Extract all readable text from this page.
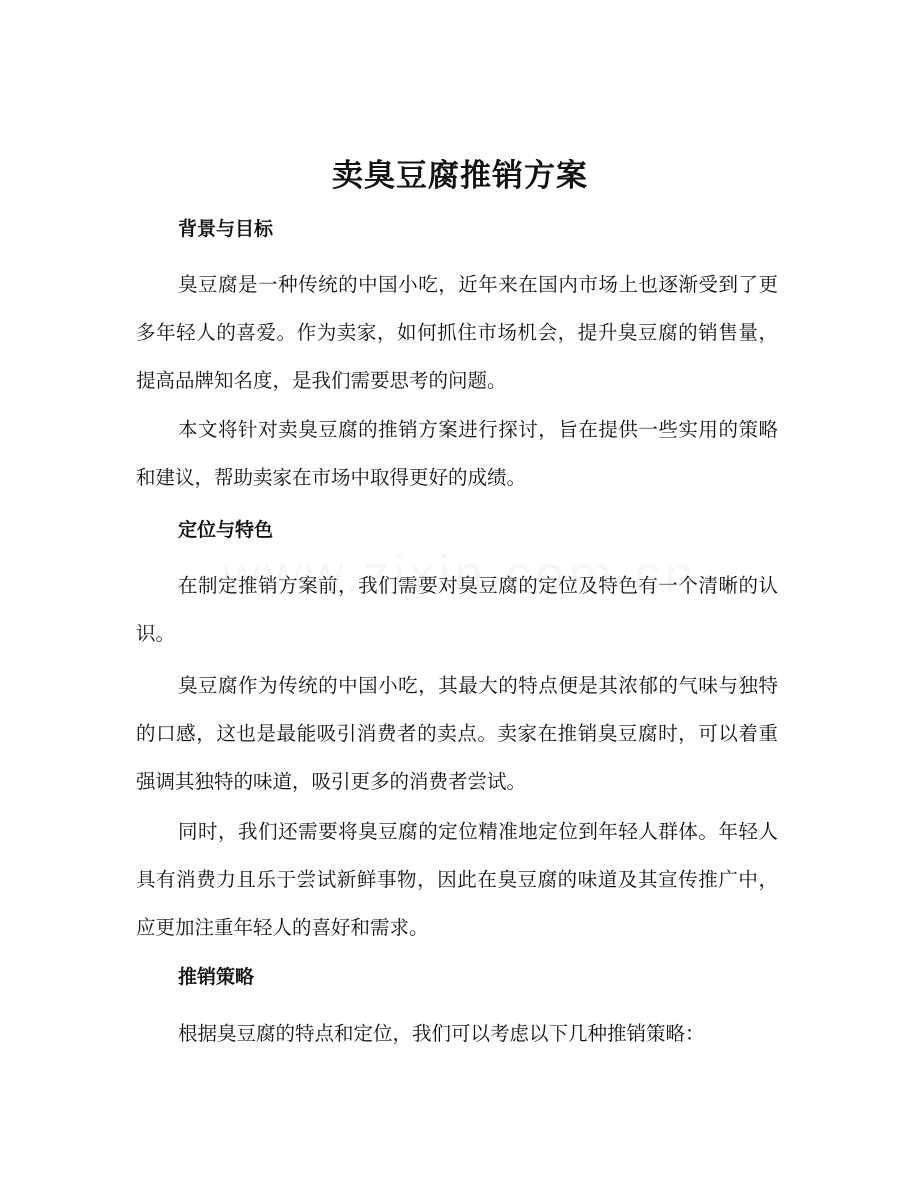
卖臭豆腐推销方案
背景与目标

臭豆腐是一种传统的中国小吃，近年来在国内市场上也逐渐受到了更多年轻人的喜爱。作为卖家，如何抓住市场机会，提升臭豆腐的销售量，提高品牌知名度，是我们需要思考的问题。

本文将针对卖臭豆腐的推销方案进行探讨，旨在提供一些实用的策略和建议，帮助卖家在市场中取得更好的成绩。

定位与特色

在制定推销方案前，我们需要对臭豆腐的定位及特色有一个清晰的认识。

臭豆腐作为传统的中国小吃，其最大的特点便是其浓郁的气味与独特的口感，这也是最能吸引消费者的卖点。卖家在推销臭豆腐时，可以着重强调其独特的味道，吸引更多的消费者尝试。

同时，我们还需要将臭豆腐的定位精准地定位到年轻人群体。年轻人具有消费力且乐于尝试新鲜事物，因此在臭豆腐的味道及其宣传推广中，应更加注重年轻人的喜好和需求。

推销策略

根据臭豆腐的特点和定位，我们可以考虑以下几种推销策略：
